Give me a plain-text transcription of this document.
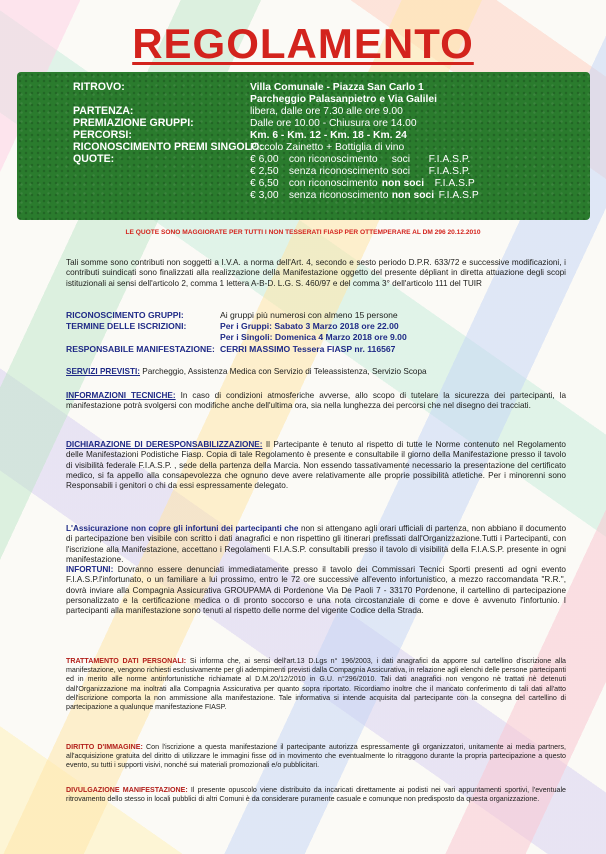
REGOLAMENTO
RITROVO:	Villa Comunale - Piazza San Carlo 1
Parcheggio Palasanpietro e Via Galilei
PARTENZA:	libera, dalle ore 7.30 alle ore 9.00
PREMIAZIONE GRUPPI:	Dalle ore 10.00 - Chiusura ore 14.00
PERCORSI:	Km. 6 - Km. 12 - Km. 18 - Km. 24
RICONOSCIMENTO PREMI SINGOLO:
Piccolo Zainetto + Bottiglia di vino
QUOTE:	€ 6,00 con riconoscimento soci F.I.A.S.P.
€ 2,50 senza riconoscimento soci F.I.A.S.P.
€ 6,50 con riconoscimento non soci F.I.A.S.P
€ 3,00 senza riconoscimento non soci F.I.A.S.P
LE QUOTE SONO MAGGIORATE PER TUTTI I NON TESSERATI FIASP PER OTTEMPERARE AL DM 296 20.12.2010
Tali somme sono contributi non soggetti a I.V.A. a norma dell'Art. 4, secondo e sesto periodo D.P.R. 633/72 e successive modificazioni, i contributi suindicati sono finalizzati alla realizzazione della Manifestazione oggetto del presente dépliant in diretta attuazione degli scopi istituzionali ai sensi dell'articolo 2, comma 1 lettera A-B-D. L.G. S. 460/97 e del comma 3° dell'articolo 111 del TUIR
RICONOSCIMENTO GRUPPI:	Ai gruppi più numerosi con almeno 15 persone
TERMINE DELLE ISCRIZIONI:	Per i Gruppi: Sabato 3 Marzo 2018 ore 22.00
Per i Singoli: Domenica 4 Marzo 2018 ore 9.00
RESPONSABILE MANIFESTAZIONE: CERRI MASSIMO Tessera FIASP nr. 116567
SERVIZI PREVISTI: Parcheggio, Assistenza Medica con Servizio di Teleassistenza, Servizio Scopa
INFORMAZIONI TECNICHE: In caso di condizioni atmosferiche avverse, allo scopo di tutelare la sicurezza dei partecipanti, la manifestazione potrà svolgersi con modifiche anche dell'ultima ora, sia nella lunghezza dei percorsi che nel disegno dei tracciati.
DICHIARAZIONE DI DERESPONSABILIZZAZIONE: Il Partecipante è tenuto al rispetto di tutte le Norme contenuto nel Regolamento delle Manifestazioni Podistiche Fiasp. Copia di tale Regolamento è presente e consultabile il giorno della Manifestazione presso il tavolo di visibilità federale F.I.A.S.P. , sede della partenza della Marcia. Non essendo tassativamente necessario la presentazione del certificato medico, si fa appello alla consapevolezza che ognuno deve avere relativamente alle proprie possibilità atletiche. Per i minorenni sono Responsabili i genitori o chi da essi espressamente delegato.
L'Assicurazione non copre gli infortuni dei partecipanti che non si attengano agli orari ufficiali di partenza, non abbiano il documento di partecipazione ben visibile con scritto i dati anagrafici e non rispettino gli itinerari prefissati dall'Organizzazione.Tutti i Partecipanti, con l'iscrizione alla Manifestazione, accettano i Regolamenti F.I.A.S.P. consultabili presso il tavolo di visibilità della F.I.A.S.P. presente in ogni manifestazione.
INFORTUNI: Dovranno essere denunciati immediatamente presso il tavolo dei Commissari Tecnici Sporti presenti ad ogni evento F.I.A.S.P.l'infortunato, o un familiare a lui prossimo, entro le 72 ore successive all'evento infortunistico, a mezzo raccomandata "R.R.", dovrà inviare alla Compagnia Assicurativa GROUPAMA di Pordenone Via De Paoli 7 - 33170 Pordenone, il cartellino di partecipazione personalizzato e la certificazione medica o di pronto soccorso e una nota circostanziale di come e dove è avvenuto l'infortunio. I partecipanti alla manifestazione sono tenuti al rispetto delle norme del vigente Codice della Strada.
TRATTAMENTO DATI PERSONALI: Si informa che, ai sensi dell'art.13 D.Lgs n° 196/2003, i dati anagrafici da apporre sul cartellino d'iscrizione alla manifestazione, vengono richiesti esclusivamente per gli adempimenti previsti dalla Compagnia Assicurativa, in relazione agli elenchi delle persone partecipanti ed in merito alle norme antinfortunistiche richiamate al D.M.20/12/2010 in G.U. n°296/2010. Tali dati anagrafici non vengono nè trattati nè detenuti dall'Organizzazione ma inoltrati alla Compagnia Assicurativa per quanto sopra riportato. Ricordiamo inoltre che il mancato conferimento di tali dati all'atto dell'iscrizione comporta la non ammissione alla manifestazione. Tale informativa si intende acquisita dal partecipante con la consegna del cartellino di partecipazione a qualunque manifestazione FIASP.
DIRITTO D'IMMAGINE: Con l'iscrizione a questa manifestazione il partecipante autorizza espressamente gli organizzatori, unitamente ai media partners, all'acquisizione gratuita del diritto di utilizzare le immagini fisse od in movimento che eventualmente lo ritraggono durante la propria partecipazione a questo evento, su tutti i supporti visivi, nonché sui materiali promozionali e/o pubblicitari.
DIVULGAZIONE MANIFESTAZIONE: Il presente opuscolo viene distribuito da incaricati direttamente ai podisti nei vari appuntamenti sportivi, l'eventuale ritrovamento dello stesso in locali pubblici di altri Comuni è da considerare puramente casuale e comunque non predisposto da questa organizzazione.
